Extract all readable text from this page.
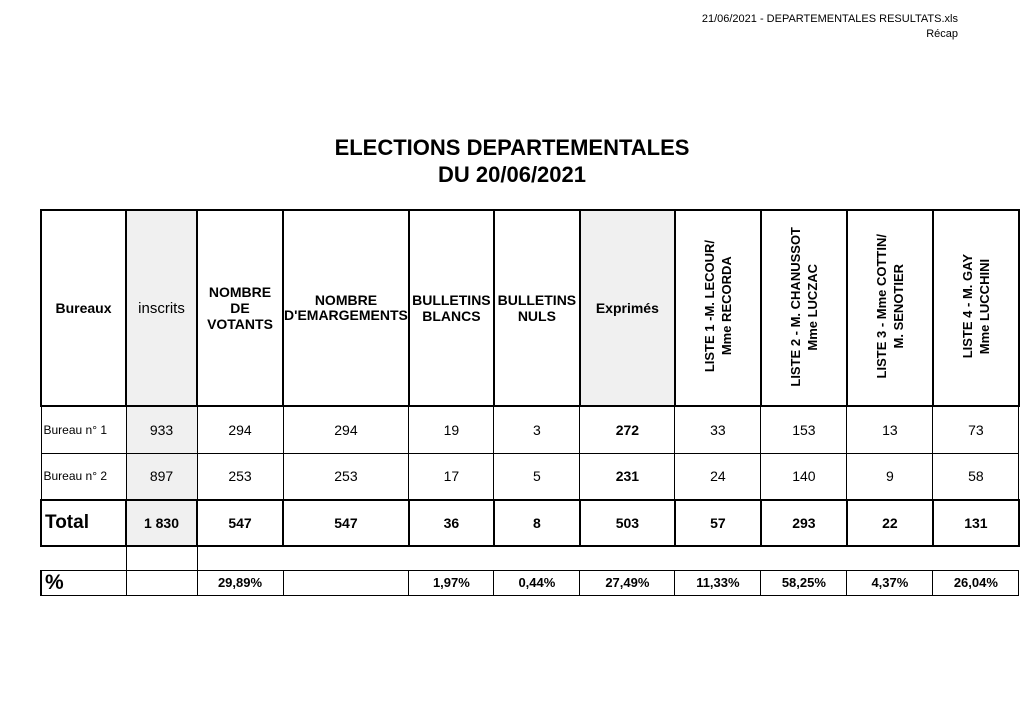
21/06/2021 - DEPARTEMENTALES RESULTATS.xls
Récap
ELECTIONS DEPARTEMENTALES
DU 20/06/2021
Bureaux	inscrits	NOMBRE DE VOTANTS	NOMBRE D'EMARGEMENTS	BULLETINS BLANCS	BULLETINS NULS	Exprimés	LISTE 1 -M. LECOUR/ Mme RECORDA	LISTE 2 - M. CHANUSSOT Mme LUCZAC	LISTE 3 - Mme COTTIN/ M. SENOTIER	LISTE 4 - M. GAY Mme LUCCHINI
Bureau n° 1	933	294	294	19	3	272	33	153	13	73
Bureau n° 2	897	253	253	17	5	231	24	140	9	58
Total	1 830	547	547	36	8	503	57	293	22	131

%		29,89%		1,97%	0,44%	27,49%	11,33%	58,25%	4,37%	26,04%
